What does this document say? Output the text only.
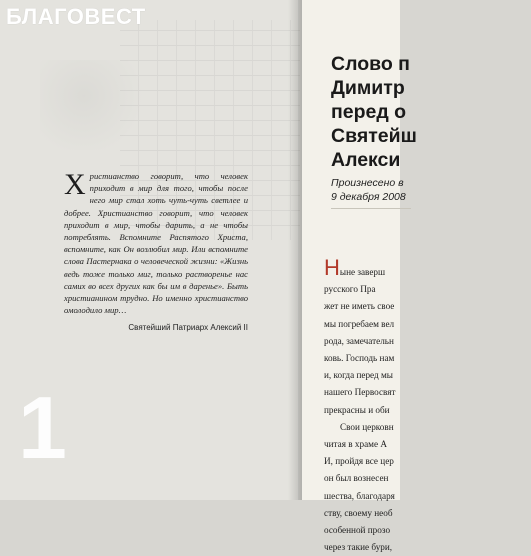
Христианство говорит, что человек приходит в мир для того, чтобы после него мир стал хоть чуть-чуть светлее и добрее. Христианство говорит, что человек приходит в мир, чтобы дарить, а не чтобы потреблять. Вспомните Распятого Христа, вспомните, как Он возлюбил мир. Или вспомните слова Пастернака о человеческой жизни: «Жизнь ведь тоже только миг, только растворенье нас самих во всех других как бы им в даренье». Быть христианином трудно. Но именно христианство омолодило мир…

Святейший Патриарх Алексий II
1
Слово п
Димитр
перед о
Святейш
Алекси
Произнесено в
9 декабря 2008
Ныне заверш
русского Пра
жет не иметь свое
мы погребаем вел
рода, замечательн
ковь. Господь нам
и, когда перед мы
нашего Первосвят
прекрасны и оби
Свои церковн
читая в храме А
И, пройдя все цер
он был вознесен
шества, благодаря
ству, своему необ
особенной прозо
через такие бури,
БЛАГОВЕСТ
